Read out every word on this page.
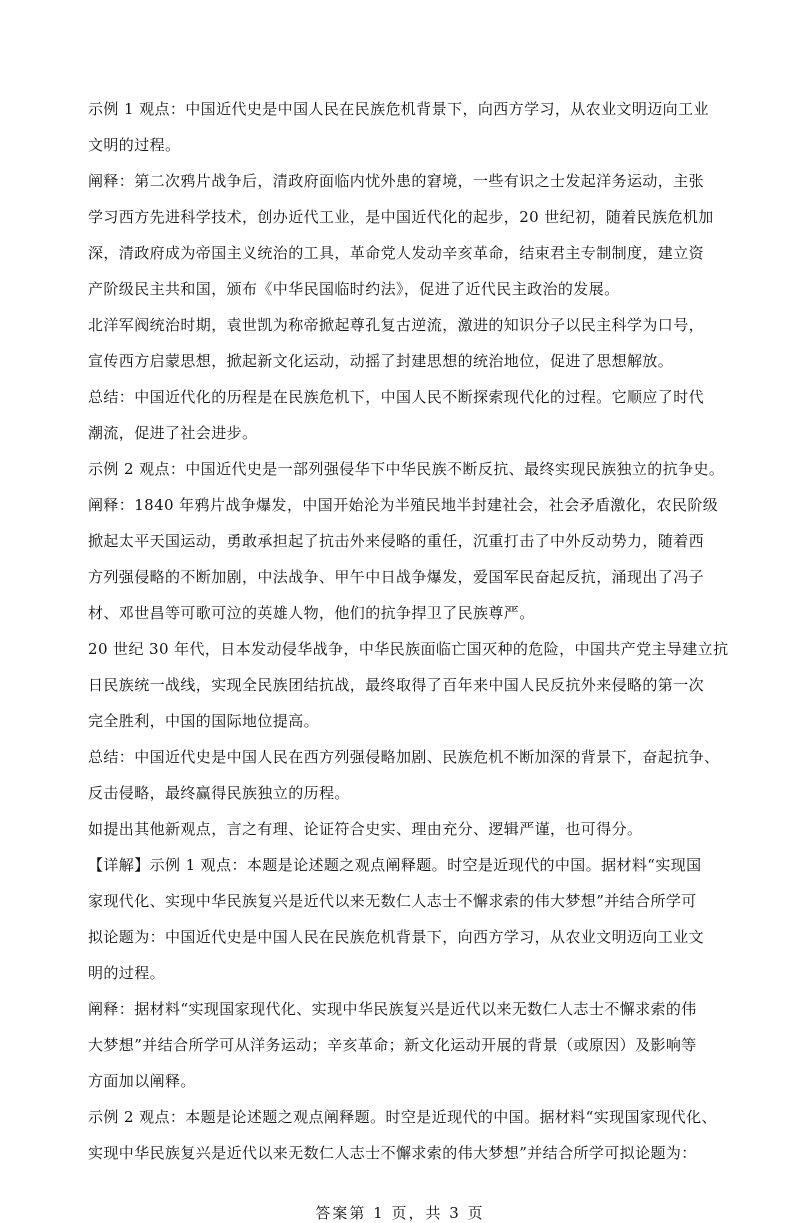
示例 1 观点：中国近代史是中国人民在民族危机背景下，向西方学习，从农业文明迈向工业
文明的过程。
阐释：第二次鸦片战争后，清政府面临内忧外患的窘境，一些有识之士发起洋务运动，主张
学习西方先进科学技术，创办近代工业，是中国近代化的起步，20 世纪初，随着民族危机加
深，清政府成为帝国主义统治的工具，革命党人发动辛亥革命，结束君主专制制度，建立资
产阶级民主共和国，颁布《中华民国临时约法》，促进了近代民主政治的发展。
北洋军阀统治时期，袁世凯为称帝掀起尊孔复古逆流，激进的知识分子以民主科学为口号，
宣传西方启蒙思想，掀起新文化运动，动摇了封建思想的统治地位，促进了思想解放。
总结：中国近代化的历程是在民族危机下，中国人民不断探索现代化的过程。它顺应了时代
潮流，促进了社会进步。
示例 2 观点：中国近代史是一部列强侵华下中华民族不断反抗、最终实现民族独立的抗争史。
阐释：1840 年鸦片战争爆发，中国开始沦为半殖民地半封建社会，社会矛盾激化，农民阶级
掀起太平天国运动，勇敢承担起了抗击外来侵略的重任，沉重打击了中外反动势力，随着西
方列强侵略的不断加剧，中法战争、甲午中日战争爆发，爱国军民奋起反抗，涌现出了冯子
材、邓世昌等可歌可泣的英雄人物，他们的抗争捍卫了民族尊严。
20 世纪 30 年代，日本发动侵华战争，中华民族面临亡国灭种的危险，中国共产党主导建立抗
日民族统一战线，实现全民族团结抗战，最终取得了百年来中国人民反抗外来侵略的第一次
完全胜利，中国的国际地位提高。
总结：中国近代史是中国人民在西方列强侵略加剧、民族危机不断加深的背景下，奋起抗争、
反击侵略，最终赢得民族独立的历程。
如提出其他新观点，言之有理、论证符合史实、理由充分、逻辑严谨，也可得分。
【详解】示例 1 观点：本题是论述题之观点阐释题。时空是近现代的中国。据材料“实现国
家现代化、实现中华民族复兴是近代以来无数仁人志士不懈求索的伟大梦想”并结合所学可
拟论题为：中国近代史是中国人民在民族危机背景下，向西方学习，从农业文明迈向工业文
明的过程。
阐释：据材料“实现国家现代化、实现中华民族复兴是近代以来无数仁人志士不懈求索的伟
大梦想”并结合所学可从洋务运动；辛亥革命；新文化运动开展的背景（或原因）及影响等
方面加以阐释。
示例 2 观点：本题是论述题之观点阐释题。时空是近现代的中国。据材料“实现国家现代化、
实现中华民族复兴是近代以来无数仁人志士不懈求索的伟大梦想”并结合所学可拟论题为：
答案第 1 页，共 3 页
